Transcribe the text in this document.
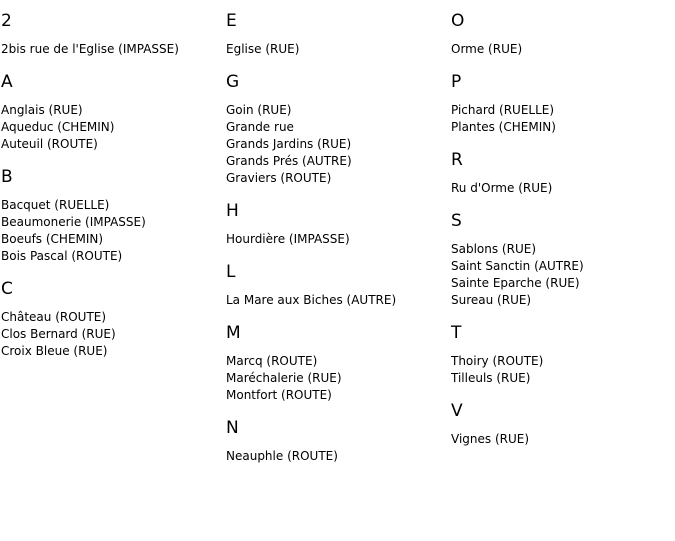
2
2bis rue de l'Eglise (IMPASSE)
A
Anglais (RUE)
Aqueduc (CHEMIN)
Auteuil (ROUTE)
B
Bacquet (RUELLE)
Beaumonerie (IMPASSE)
Boeufs (CHEMIN)
Bois Pascal (ROUTE)
C
Château (ROUTE)
Clos Bernard (RUE)
Croix Bleue (RUE)
E
Eglise (RUE)
G
Goin (RUE)
Grande rue
Grands Jardins (RUE)
Grands Prés (AUTRE)
Graviers (ROUTE)
H
Hourdière (IMPASSE)
L
La Mare aux Biches (AUTRE)
M
Marcq (ROUTE)
Maréchalerie (RUE)
Montfort (ROUTE)
N
Neauphle (ROUTE)
O
Orme (RUE)
P
Pichard (RUELLE)
Plantes (CHEMIN)
R
Ru d'Orme (RUE)
S
Sablons (RUE)
Saint Sanctin (AUTRE)
Sainte Eparche (RUE)
Sureau (RUE)
T
Thoiry (ROUTE)
Tilleuls (RUE)
V
Vignes (RUE)
